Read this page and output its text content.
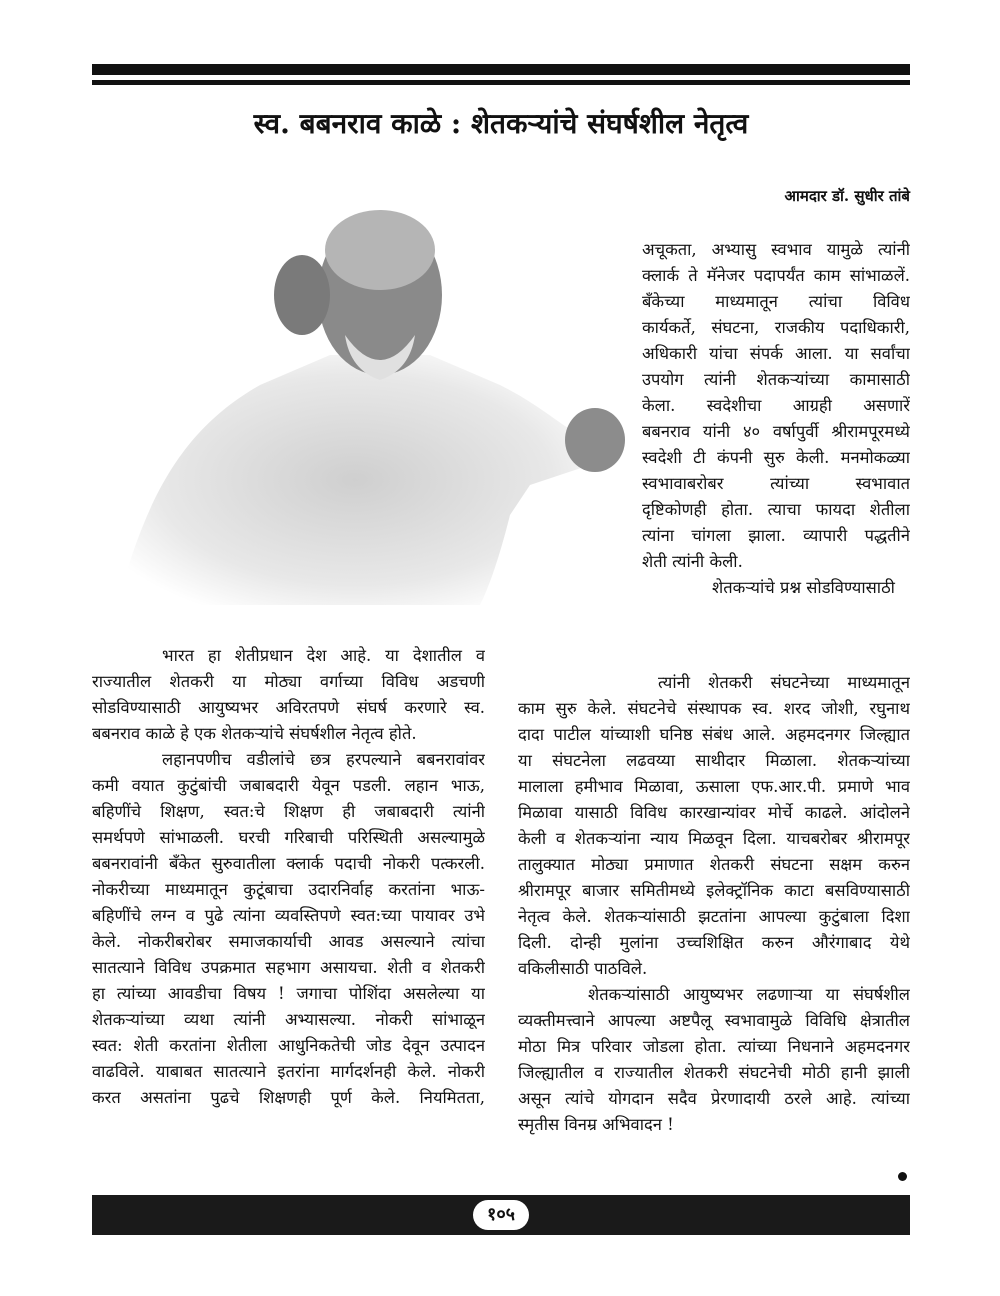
स्व. बबनराव काळे : शेतकऱ्यांचे संघर्षशील नेतृत्व
आमदार डॉ. सुधीर तांबे
अचूकता, अभ्यासु स्वभाव यामुळे त्यांनी
क्लार्क ते मॅनेजर पदापर्यंत काम सांभाळलें.
बँकेच्या माध्यमातून त्यांचा विविध
कार्यकर्ते, संघटना, राजकीय पदाधिकारी,
अधिकारी यांचा संपर्क आला. या सर्वांचा
उपयोग त्यांनी शेतकऱ्यांच्या कामासाठी
केला. स्वदेशीचा आग्रही असणारें
बबनराव यांनी ४० वर्षापुर्वी श्रीरामपूरमध्ये
स्वदेशी टी कंपनी सुरु केली. मनमोकळ्या
स्वभावाबरोबर त्यांच्या स्वभावात
दृष्टिकोणही होता. त्याचा फायदा शेतीला
त्यांना चांगला झाला. व्यापारी पद्धतीने
शेती त्यांनी केली.
शेतकऱ्यांचे प्रश्न सोडविण्यासाठी
त्यांनी शेतकरी संघटनेच्या माध्यमातून
काम सुरु केले. संघटनेचे संस्थापक स्व. शरद जोशी, रघुनाथ
दादा पाटील यांच्याशी घनिष्ठ संबंध आले. अहमदनगर जिल्ह्यात
या संघटनेला लढवय्या साथीदार मिळाला. शेतकऱ्यांच्या
मालाला हमीभाव मिळावा, ऊसाला एफ.आर.पी. प्रमाणे भाव
मिळावा यासाठी विविध कारखान्यांवर मोर्चे काढले. आंदोलने
केली व शेतकऱ्यांना न्याय मिळवून दिला. याचबरोबर श्रीरामपूर
तालुक्यात मोठ्या प्रमाणात शेतकरी संघटना सक्षम करुन
श्रीरामपूर बाजार समितीमध्ये इलेक्ट्रॉनिक काटा बसविण्यासाठी
नेतृत्व केले. शेतकऱ्यांसाठी झटतांना आपल्या कुटुंबाला दिशा
दिली. दोन्ही मुलांना उच्चशिक्षित करुन औरंगाबाद येथे
वकिलीसाठी पाठविले.
शेतकऱ्यांसाठी आयुष्यभर लढणाऱ्या या संघर्षशील
व्यक्तीमत्त्वाने आपल्या अष्टपैलू स्वभावामुळे विविधि क्षेत्रातील
मोठा मित्र परिवार जोडला होता. त्यांच्या निधनाने अहमदनगर
जिल्ह्यातील व राज्यातील शेतकरी संघटनेची मोठी हानी झाली
असून त्यांचे योगदान सदैव प्रेरणादायी ठरले आहे. त्यांच्या
स्मृतीस विनम्र अभिवादन !
भारत हा शेतीप्रधान देश आहे. या देशातील व
राज्यातील शेतकरी या मोठ्या वर्गाच्या विविध अडचणी
सोडविण्यासाठी आयुष्यभर अविरतपणे संघर्ष करणारे स्व.
बबनराव काळे हे एक शेतकऱ्यांचे संघर्षशील नेतृत्व होते.
लहानपणीच वडीलांचे छत्र हरपल्याने बबनरावांवर
कमी वयात कुटुंबांची जबाबदारी येवून पडली. लहान भाऊ,
बहिणींचे शिक्षण, स्वत:चे शिक्षण ही जबाबदारी त्यांनी
समर्थपणे सांभाळली. घरची गरिबाची परिस्थिती असल्यामुळे
बबनरावांनी बँकेत सुरुवातीला क्लार्क पदाची नोकरी पत्करली.
नोकरीच्या माध्यमातून कुटूंबाचा उदारनिर्वाह करतांना भाऊ-
बहिणींचे लग्न व पुढे त्यांना व्यवस्तिपणे स्वत:च्या पायावर उभे
केले. नोकरीबरोबर समाजकार्याची आवड असल्याने त्यांचा
सातत्याने विविध उपक्रमात सहभाग असायचा. शेती व शेतकरी
हा त्यांच्या आवडीचा विषय ! जगाचा पोशिंदा असलेल्या या
शेतकऱ्यांच्या व्यथा त्यांनी अभ्यासल्या. नोकरी सांभाळून
स्वत: शेती करतांना शेतीला आधुनिकतेची जोड देवून उत्पादन
वाढविले. याबाबत सातत्याने इतरांना मार्गदर्शनही केले. नोकरी
करत असतांना पुढचे शिक्षणही पूर्ण केले. नियमितता,
१०५
